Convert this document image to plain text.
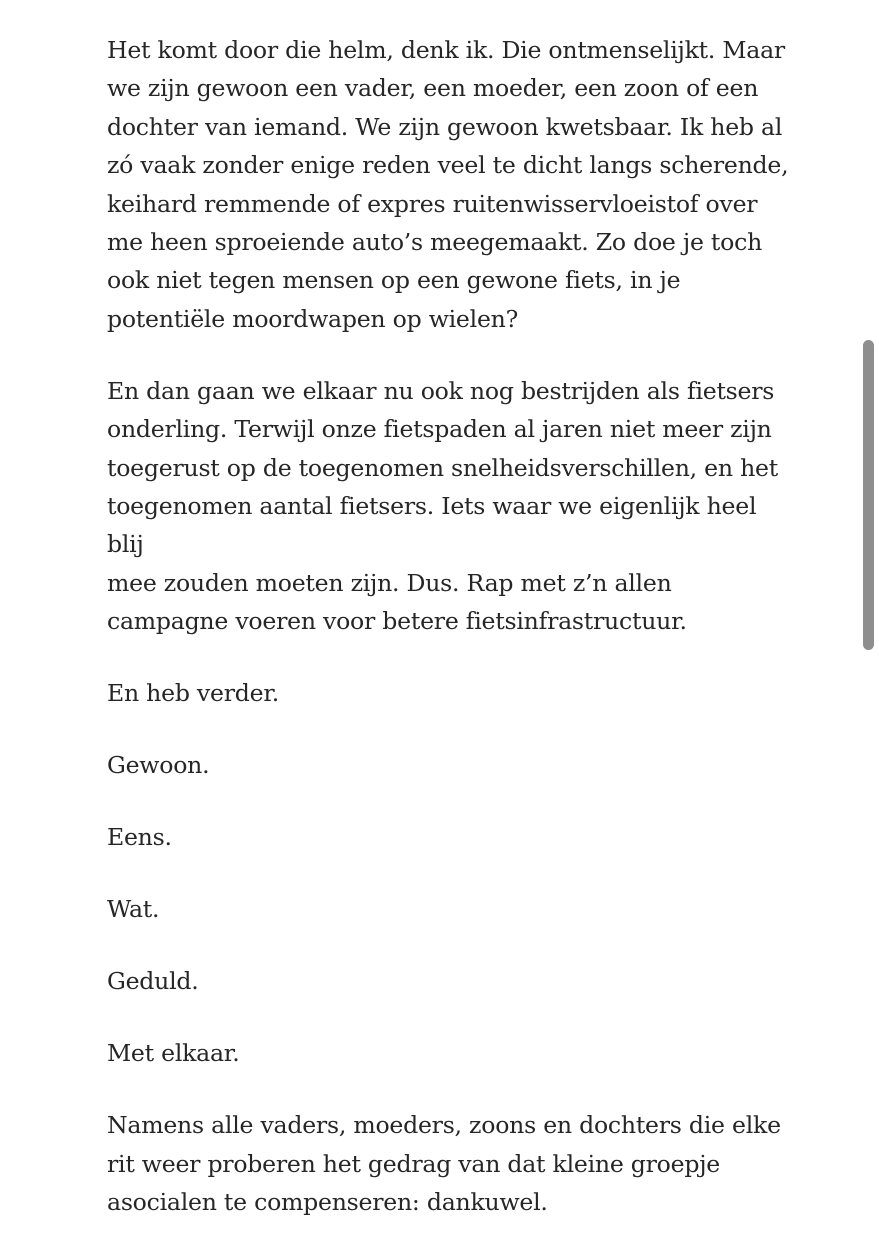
Het komt door die helm, denk ik. Die ontmenselijkt. Maar
we zijn gewoon een vader, een moeder, een zoon of een
dochter van iemand. We zijn gewoon kwetsbaar. Ik heb al
zó vaak zonder enige reden veel te dicht langs scherende,
keihard remmende of expres ruitenwisservloeistof over
me heen sproeiende auto’s meegemaakt. Zo doe je toch
ook niet tegen mensen op een gewone fiets, in je
potentiële moordwapen op wielen?

En dan gaan we elkaar nu ook nog bestrijden als fietsers
onderling. Terwijl onze fietspaden al jaren niet meer zijn
toegerust op de toegenomen snelheidsverschillen, en het
toegenomen aantal fietsers. Iets waar we eigenlijk heel blij
mee zouden moeten zijn. Dus. Rap met z’n allen
campagne voeren voor betere fietsinfrastructuur.

En heb verder.

Gewoon.

Eens.

Wat.

Geduld.

Met elkaar.

Namens alle vaders, moeders, zoons en dochters die elke
rit weer proberen het gedrag van dat kleine groepje
asocialen te compenseren: dankuwel.
